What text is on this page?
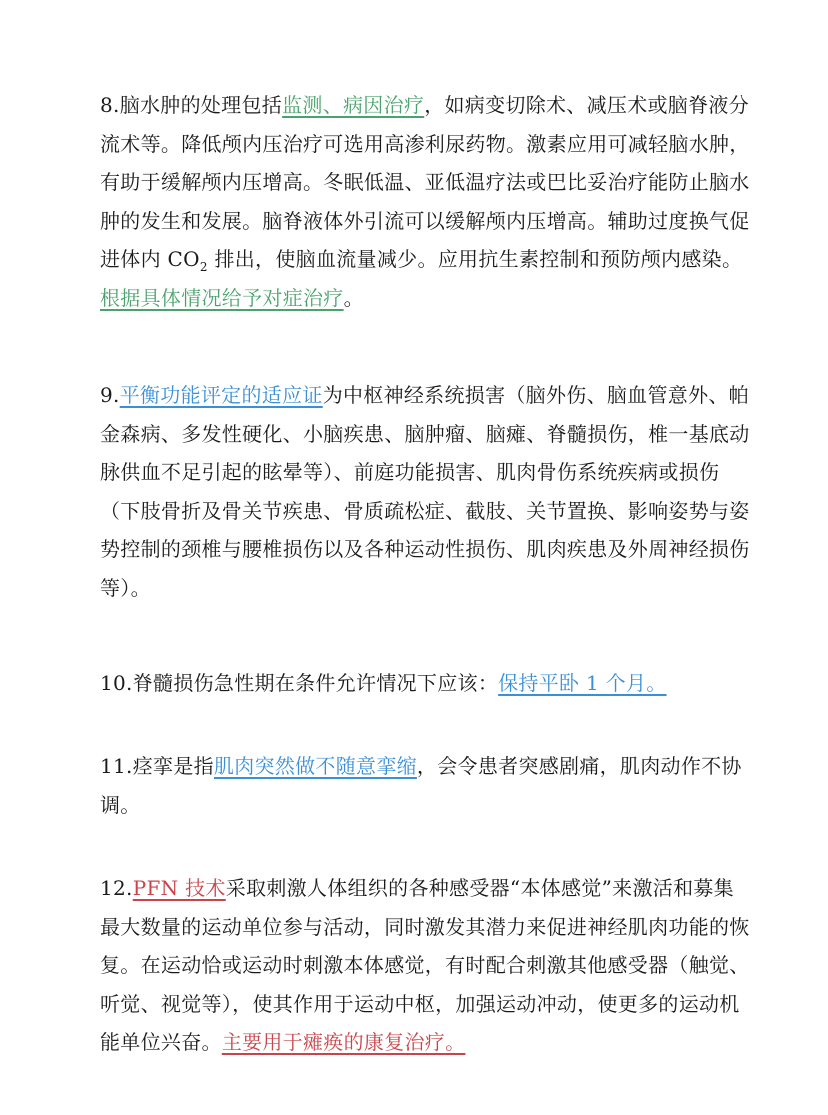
8.脑水肿的处理包括监测、病因治疗，如病变切除术、减压术或脑脊液分流术等。降低颅内压治疗可选用高渗利尿药物。激素应用可减轻脑水肿，有助于缓解颅内压增高。冬眠低温、亚低温疗法或巴比妥治疗能防止脑水肿的发生和发展。脑脊液体外引流可以缓解颅内压增高。辅助过度换气促进体内 $CO_2$ 排出，使脑血流量减少。应用抗生素控制和预防颅内感染。根据具体情况给予对症治疗。

9.平衡功能评定的适应证为中枢神经系统损害（脑外伤、脑血管意外、帕金森病、多发性硬化、小脑疾患、脑肿瘤、脑瘫、脊髓损伤，椎一基底动脉供血不足引起的眩晕等）、前庭功能损害、肌肉骨伤系统疾病或损伤（下肢骨折及骨关节疾患、骨质疏松症、截肢、关节置换、影响姿势与姿势控制的颈椎与腰椎损伤以及各种运动性损伤、肌肉疾患及外周神经损伤等）。

10.脊髓损伤急性期在条件允许情况下应该：保持平卧 1 个月。

11.痉挛是指肌肉突然做不随意挛缩，会令患者突感剧痛，肌肉动作不协调。

12.PFN 技术采取刺激人体组织的各种感受器“本体感觉”来激活和募集最大数量的运动单位参与活动，同时激发其潜力来促进神经肌肉功能的恢复。在运动恰或运动时刺激本体感觉，有时配合刺激其他感受器（触觉、听觉、视觉等），使其作用于运动中枢，加强运动冲动，使更多的运动机能单位兴奋。主要用于瘫痪的康复治疗。
